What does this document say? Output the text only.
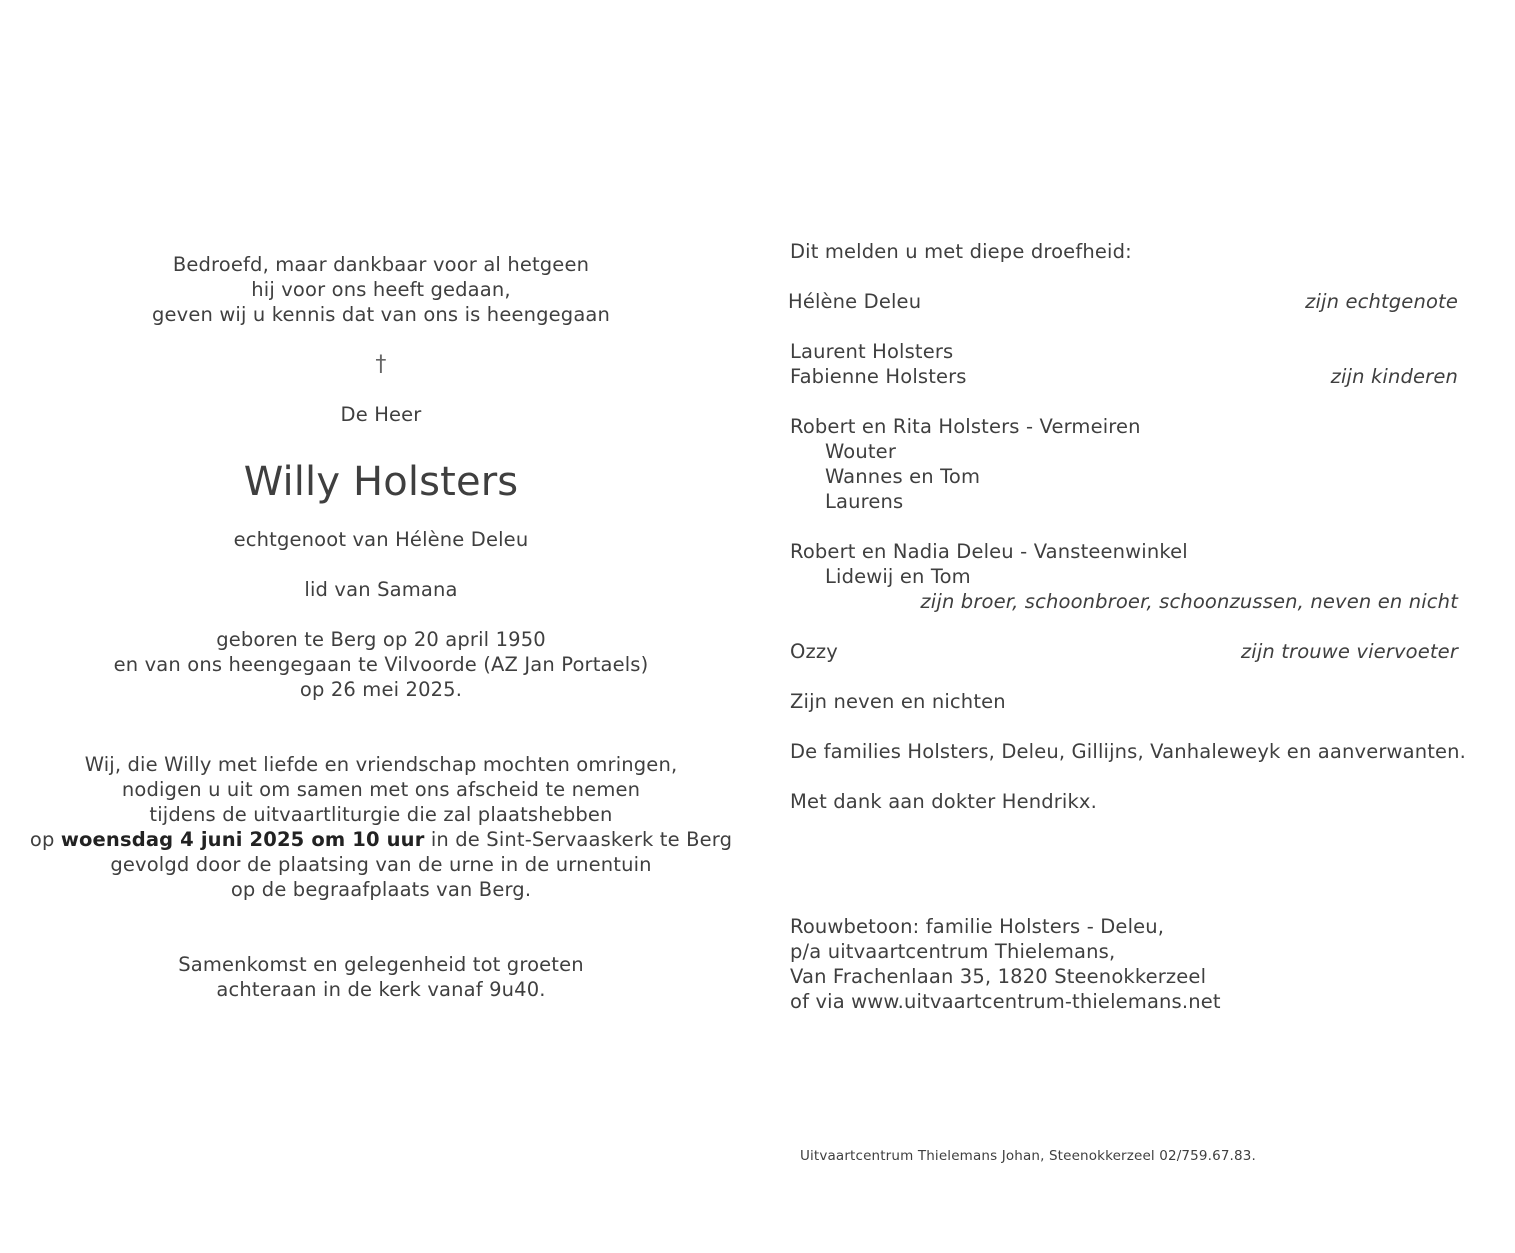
Bedroefd, maar dankbaar voor al hetgeen
hij voor ons heeft gedaan,
geven wij u kennis dat van ons is heengegaan
†
De Heer
Willy Holsters
echtgenoot van Hélène Deleu
lid van Samana
geboren te Berg op 20 april 1950
en van ons heengegaan te Vilvoorde (AZ Jan Portaels)
op 26 mei 2025.
Wij, die Willy met liefde en vriendschap mochten omringen,
nodigen u uit om samen met ons afscheid te nemen
tijdens de uitvaartliturgie die zal plaatshebben
op woensdag 4 juni 2025 om 10 uur in de Sint-Servaaskerk te Berg
gevolgd door de plaatsing van de urne in de urnentuin
op de begraafplaats van Berg.
Samenkomst en gelegenheid tot groeten
achteraan in de kerk vanaf 9u40.
Dit melden u met diepe droefheid:
Hélène Deleu	zijn echtgenote
Laurent Holsters
Fabienne Holsters	zijn kinderen
Robert en Rita Holsters - Vermeiren
Wouter
Wannes en Tom
Laurens
Robert en Nadia Deleu - Vansteenwinkel
Lidewij en Tom
zijn broer, schoonbroer, schoonzussen, neven en nicht
Ozzy	zijn trouwe viervoeter
Zijn neven en nichten
De families Holsters, Deleu, Gillijns, Vanhaleweyk en aanverwanten.
Met dank aan dokter Hendrikx.
Rouwbetoon: familie Holsters - Deleu,
p/a uitvaartcentrum Thielemans,
Van Frachenlaan 35, 1820 Steenokkerzeel
of via www.uitvaartcentrum-thielemans.net
Uitvaartcentrum Thielemans Johan, Steenokkerzeel 02/759.67.83.
